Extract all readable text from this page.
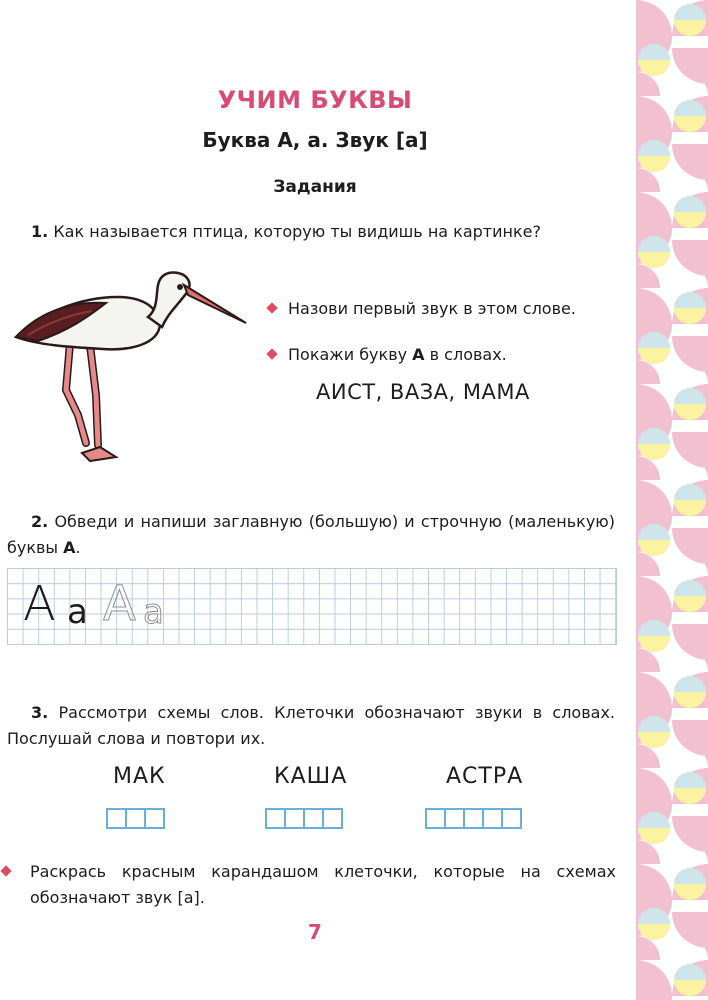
УЧИМ БУКВЫ
Буква А, а. Звук [а]
Задания
1. Как называется птица, которую ты видишь на картинке?
Назови первый звук в этом слове.
Покажи букву А в словах.
АИСТ, ВАЗА, МАМА
2. Обведи и напиши заглавную (большую) и строчную (маленькую) буквы А.
А а А а
3. Рассмотри схемы слов. Клеточки обозначают звуки в словах. Послушай слова и повтори их.
МАК	КАША	АСТРА
Раскрась красным карандашом клеточки, которые на схемах обозначают звук [а].
7
